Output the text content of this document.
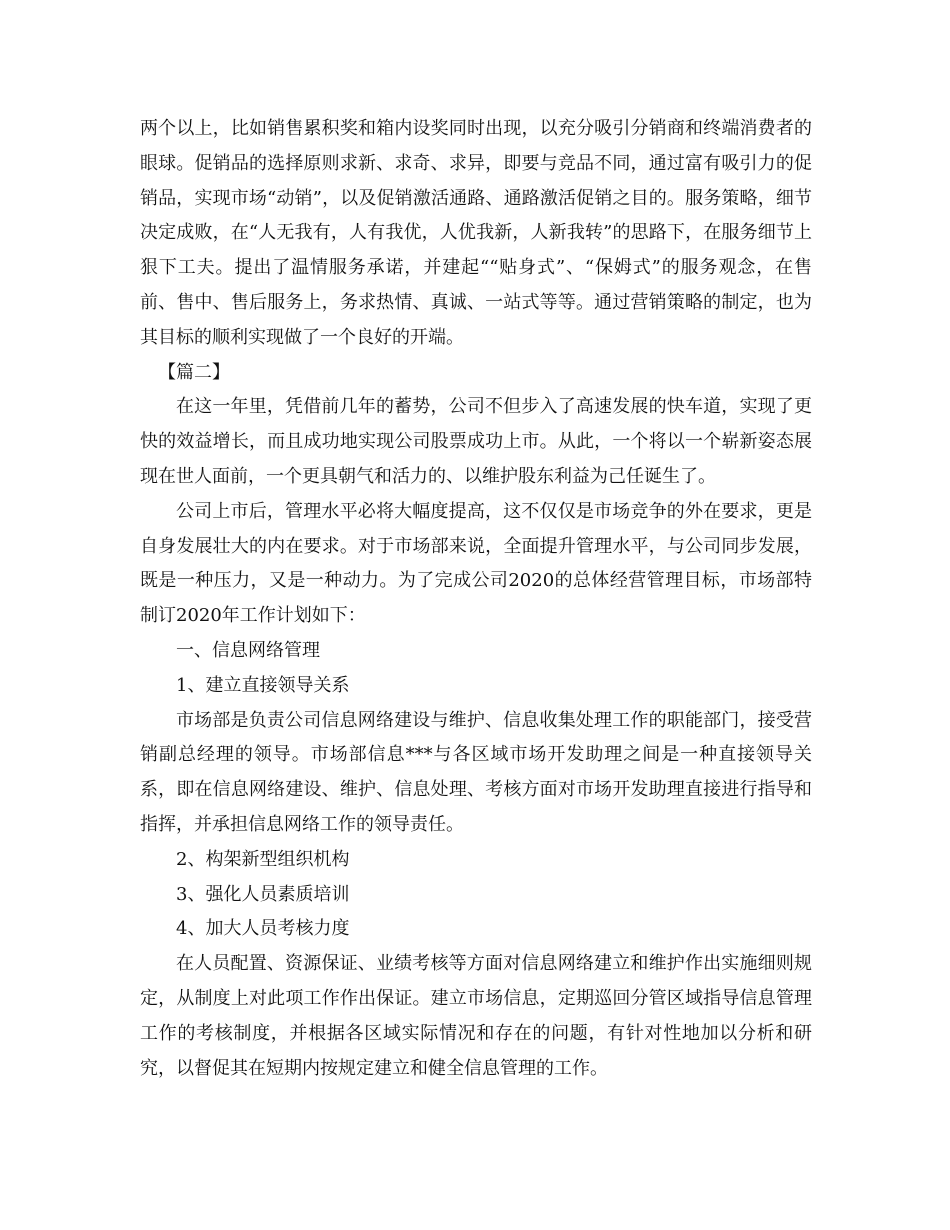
两个以上，比如销售累积奖和箱内设奖同时出现，以充分吸引分销商和终端消费者的眼球。促销品的选择原则求新、求奇、求异，即要与竞品不同，通过富有吸引力的促销品，实现市场“动销”，以及促销激活通路、通路激活促销之目的。服务策略，细节决定成败，在“人无我有，人有我优，人优我新，人新我转”的思路下，在服务细节上狠下工夫。提出了温情服务承诺，并建起““贴身式”、“保姆式”的服务观念，在售前、售中、售后服务上，务求热情、真诚、一站式等等。通过营销策略的制定，也为其目标的顺利实现做了一个良好的开端。

【篇二】

在这一年里，凭借前几年的蓄势，公司不但步入了高速发展的快车道，实现了更快的效益增长，而且成功地实现公司股票成功上市。从此，一个将以一个崭新姿态展现在世人面前，一个更具朝气和活力的、以维护股东利益为己任诞生了。

公司上市后，管理水平必将大幅度提高，这不仅仅是市场竞争的外在要求，更是自身发展壮大的内在要求。对于市场部来说，全面提升管理水平，与公司同步发展，既是一种压力，又是一种动力。为了完成公司2020的总体经营管理目标，市场部特制订2020年工作计划如下：

一、信息网络管理

1、建立直接领导关系

市场部是负责公司信息网络建设与维护、信息收集处理工作的职能部门，接受营销副总经理的领导。市场部信息***与各区域市场开发助理之间是一种直接领导关系，即在信息网络建设、维护、信息处理、考核方面对市场开发助理直接进行指导和指挥，并承担信息网络工作的领导责任。

2、构架新型组织机构

3、强化人员素质培训

4、加大人员考核力度

在人员配置、资源保证、业绩考核等方面对信息网络建立和维护作出实施细则规定，从制度上对此项工作作出保证。建立市场信息，定期巡回分管区域指导信息管理工作的考核制度，并根据各区域实际情况和存在的问题，有针对性地加以分析和研究，以督促其在短期内按规定建立和健全信息管理的工作。
